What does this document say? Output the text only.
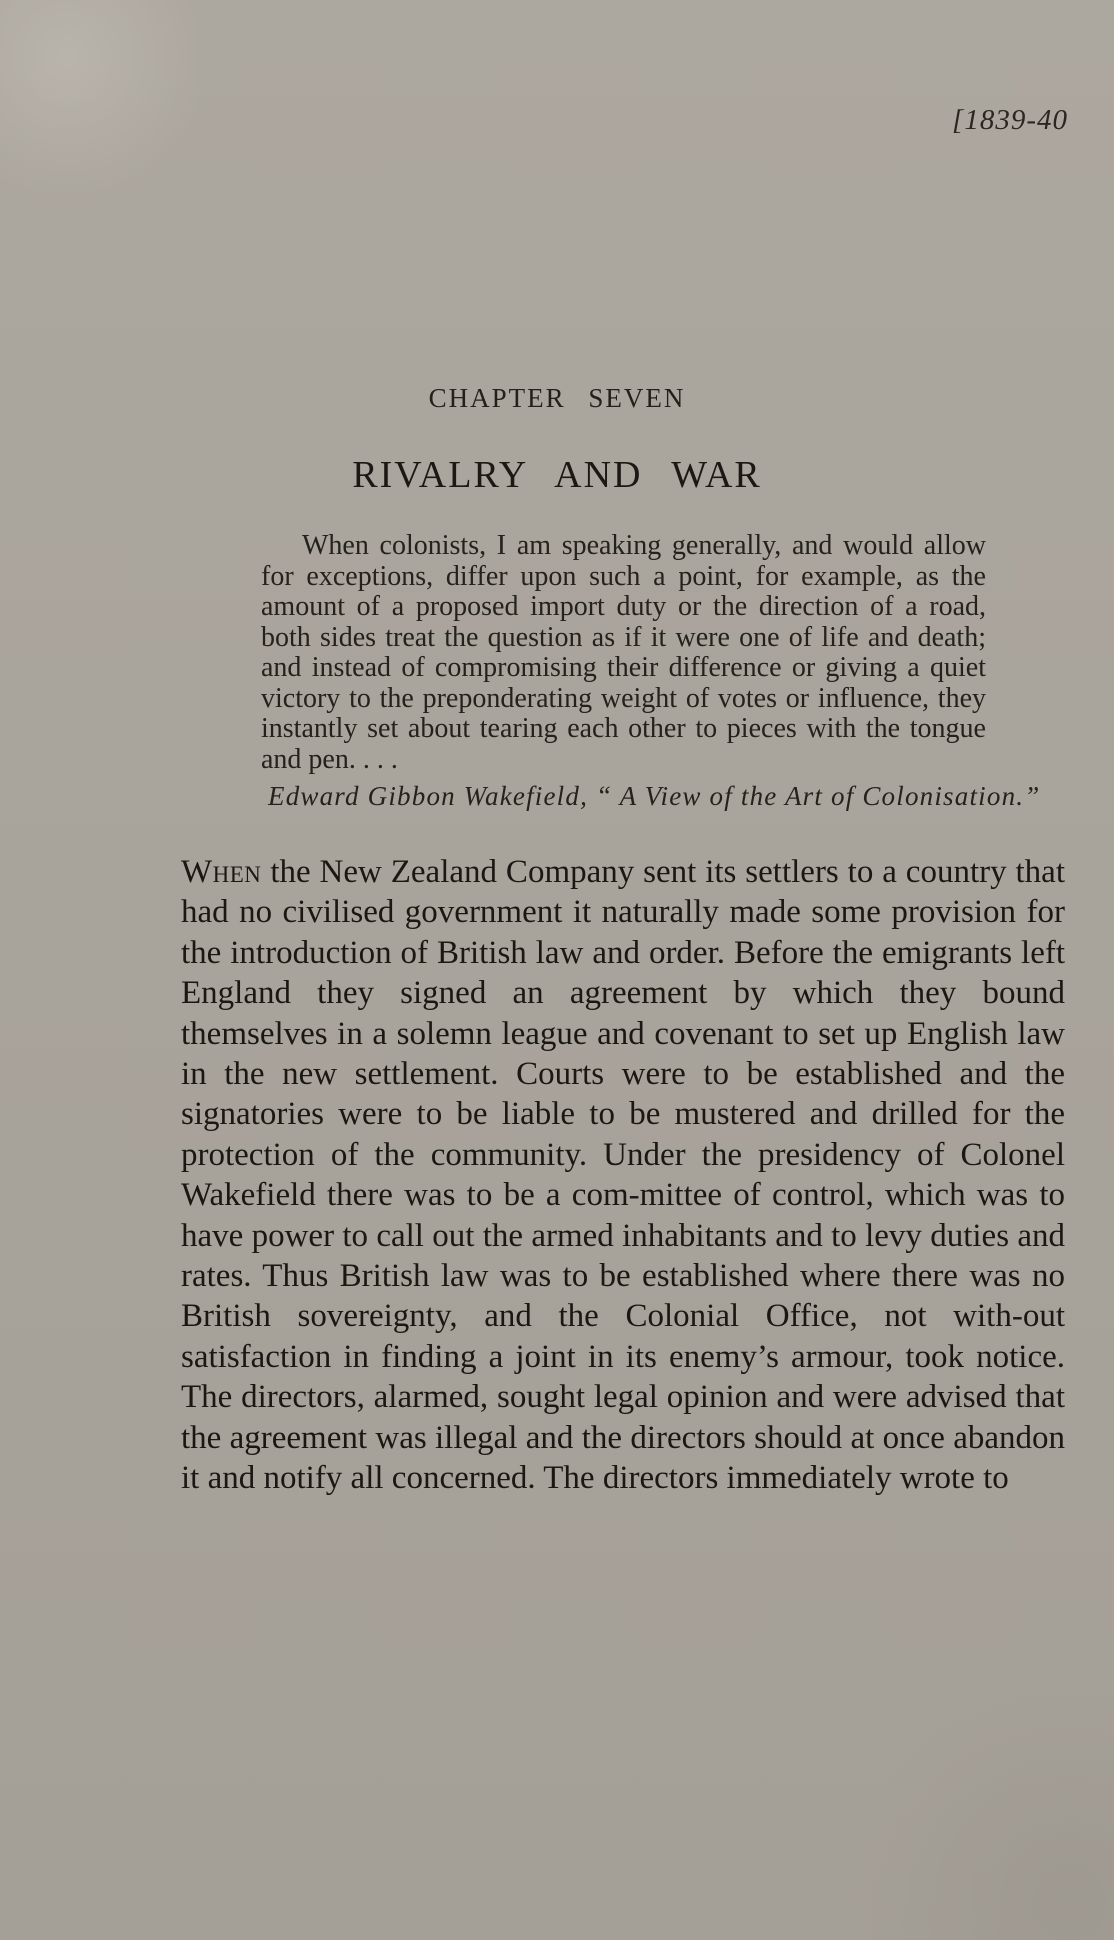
[1839-40
CHAPTER SEVEN
RIVALRY AND WAR

When colonists, I am speaking generally, and would allow for exceptions, differ upon such a point, for example, as the amount of a proposed import duty or the direction of a road, both sides treat the question as if it were one of life and death; and instead of compromising their difference or giving a quiet victory to the preponderating weight of votes or influence, they instantly set about tearing each other to pieces with the tongue and pen. . . .

Edward Gibbon Wakefield, “ A View of the Art of Colonisation.”

When the New Zealand Company sent its settlers to a country that had no civilised government it naturally made some provision for the introduction of British law and order. Before the emigrants left England they signed an agreement by which they bound themselves in a solemn league and covenant to set up English law in the new settlement. Courts were to be established and the signatories were to be liable to be mustered and drilled for the protection of the community. Under the presidency of Colonel Wakefield there was to be a com-mittee of control, which was to have power to call out the armed inhabitants and to levy duties and rates. Thus British law was to be established where there was no British sovereignty, and the Colonial Office, not with-out satisfaction in finding a joint in its enemy’s armour, took notice. The directors, alarmed, sought legal opinion and were advised that the agreement was illegal and the directors should at once abandon it and notify all concerned. The directors immediately wrote to
